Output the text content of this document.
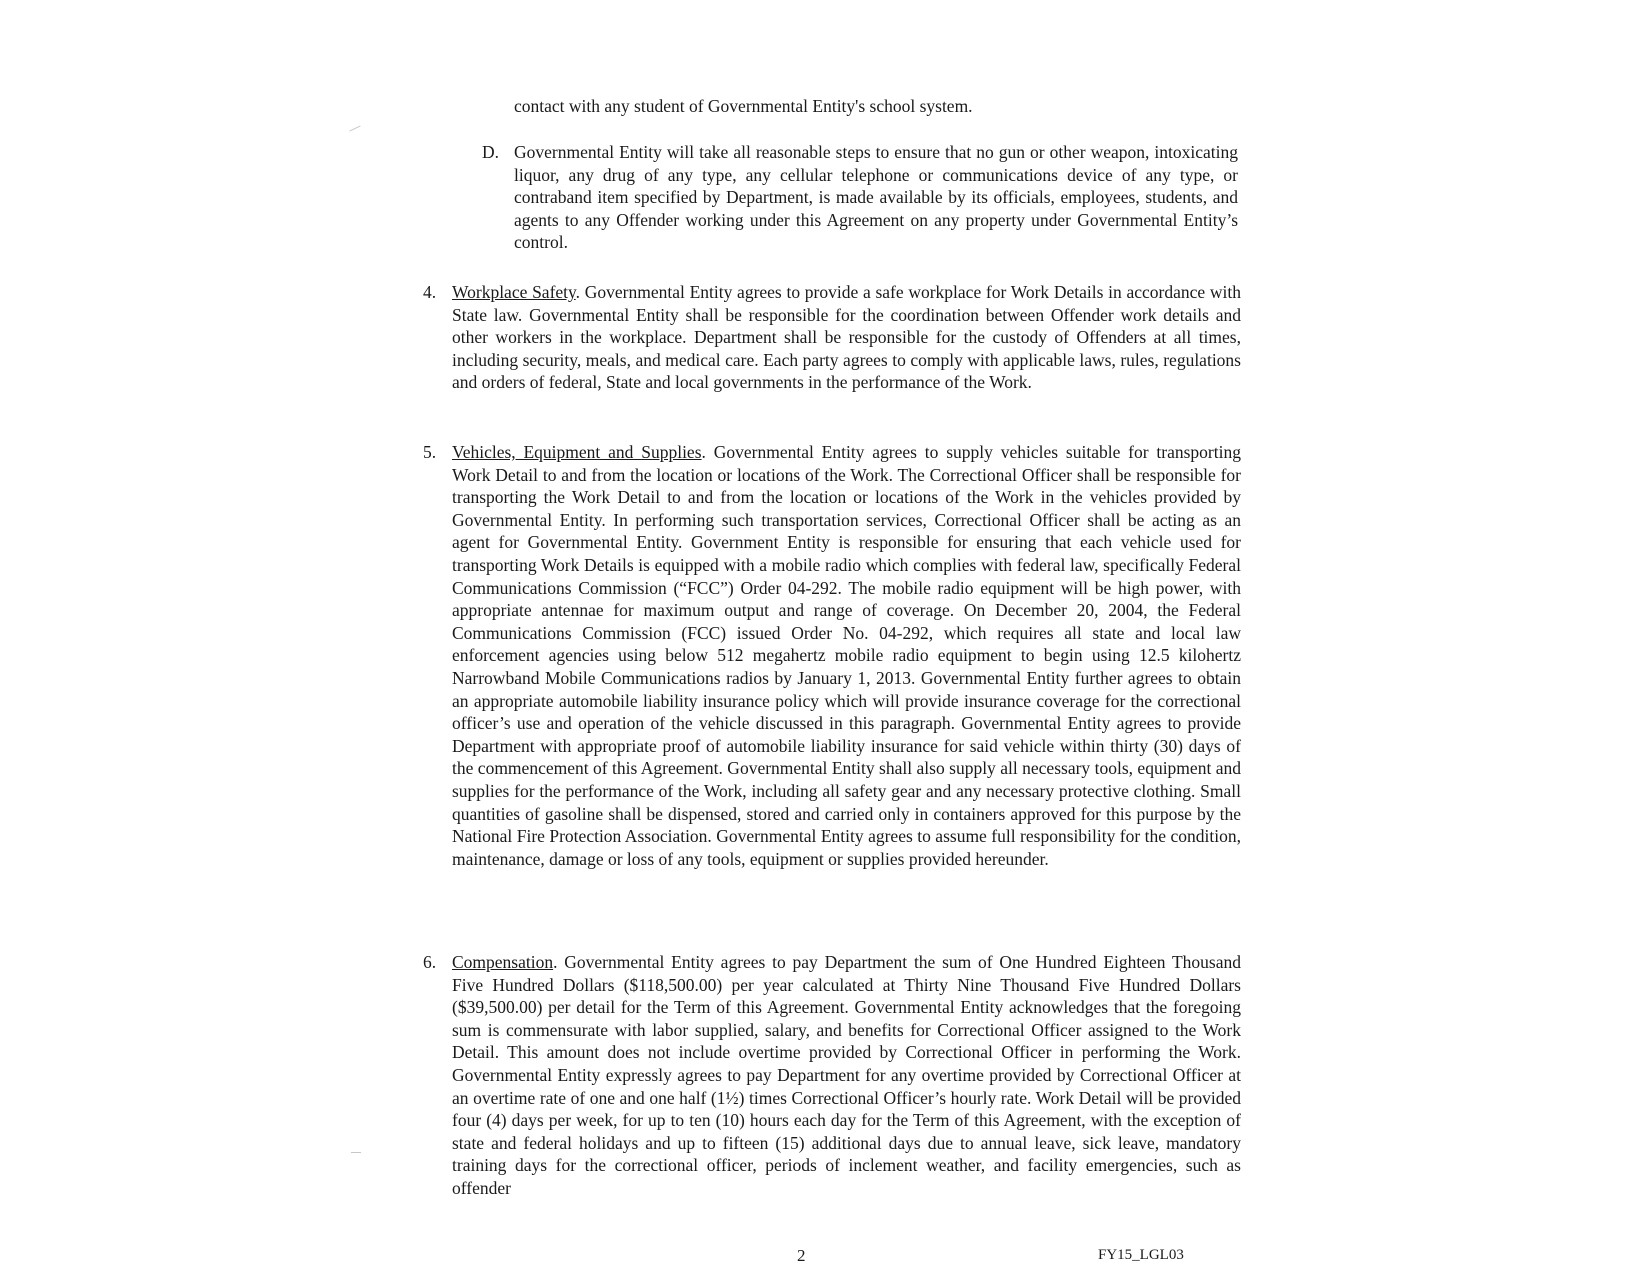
contact with any student of Governmental Entity's school system.
D. Governmental Entity will take all reasonable steps to ensure that no gun or other weapon, intoxicating liquor, any drug of any type, any cellular telephone or communications device of any type, or contraband item specified by Department, is made available by its officials, employees, students, and agents to any Offender working under this Agreement on any property under Governmental Entity’s control.
4. Workplace Safety. Governmental Entity agrees to provide a safe workplace for Work Details in accordance with State law. Governmental Entity shall be responsible for the coordination between Offender work details and other workers in the workplace. Department shall be responsible for the custody of Offenders at all times, including security, meals, and medical care. Each party agrees to comply with applicable laws, rules, regulations and orders of federal, State and local governments in the performance of the Work.
5. Vehicles, Equipment and Supplies. Governmental Entity agrees to supply vehicles suitable for transporting Work Detail to and from the location or locations of the Work. The Correctional Officer shall be responsible for transporting the Work Detail to and from the location or locations of the Work in the vehicles provided by Governmental Entity. In performing such transportation services, Correctional Officer shall be acting as an agent for Governmental Entity. Government Entity is responsible for ensuring that each vehicle used for transporting Work Details is equipped with a mobile radio which complies with federal law, specifically Federal Communications Commission (“FCC”) Order 04-292. The mobile radio equipment will be high power, with appropriate antennae for maximum output and range of coverage. On December 20, 2004, the Federal Communications Commission (FCC) issued Order No. 04-292, which requires all state and local law enforcement agencies using below 512 megahertz mobile radio equipment to begin using 12.5 kilohertz Narrowband Mobile Communications radios by January 1, 2013. Governmental Entity further agrees to obtain an appropriate automobile liability insurance policy which will provide insurance coverage for the correctional officer’s use and operation of the vehicle discussed in this paragraph. Governmental Entity agrees to provide Department with appropriate proof of automobile liability insurance for said vehicle within thirty (30) days of the commencement of this Agreement. Governmental Entity shall also supply all necessary tools, equipment and supplies for the performance of the Work, including all safety gear and any necessary protective clothing. Small quantities of gasoline shall be dispensed, stored and carried only in containers approved for this purpose by the National Fire Protection Association. Governmental Entity agrees to assume full responsibility for the condition, maintenance, damage or loss of any tools, equipment or supplies provided hereunder.
6. Compensation. Governmental Entity agrees to pay Department the sum of One Hundred Eighteen Thousand Five Hundred Dollars ($118,500.00) per year calculated at Thirty Nine Thousand Five Hundred Dollars ($39,500.00) per detail for the Term of this Agreement. Governmental Entity acknowledges that the foregoing sum is commensurate with labor supplied, salary, and benefits for Correctional Officer assigned to the Work Detail. This amount does not include overtime provided by Correctional Officer in performing the Work. Governmental Entity expressly agrees to pay Department for any overtime provided by Correctional Officer at an overtime rate of one and one half (1½) times Correctional Officer’s hourly rate. Work Detail will be provided four (4) days per week, for up to ten (10) hours each day for the Term of this Agreement, with the exception of state and federal holidays and up to fifteen (15) additional days due to annual leave, sick leave, mandatory training days for the correctional officer, periods of inclement weather, and facility emergencies, such as offender
2	FY15_LGL03
